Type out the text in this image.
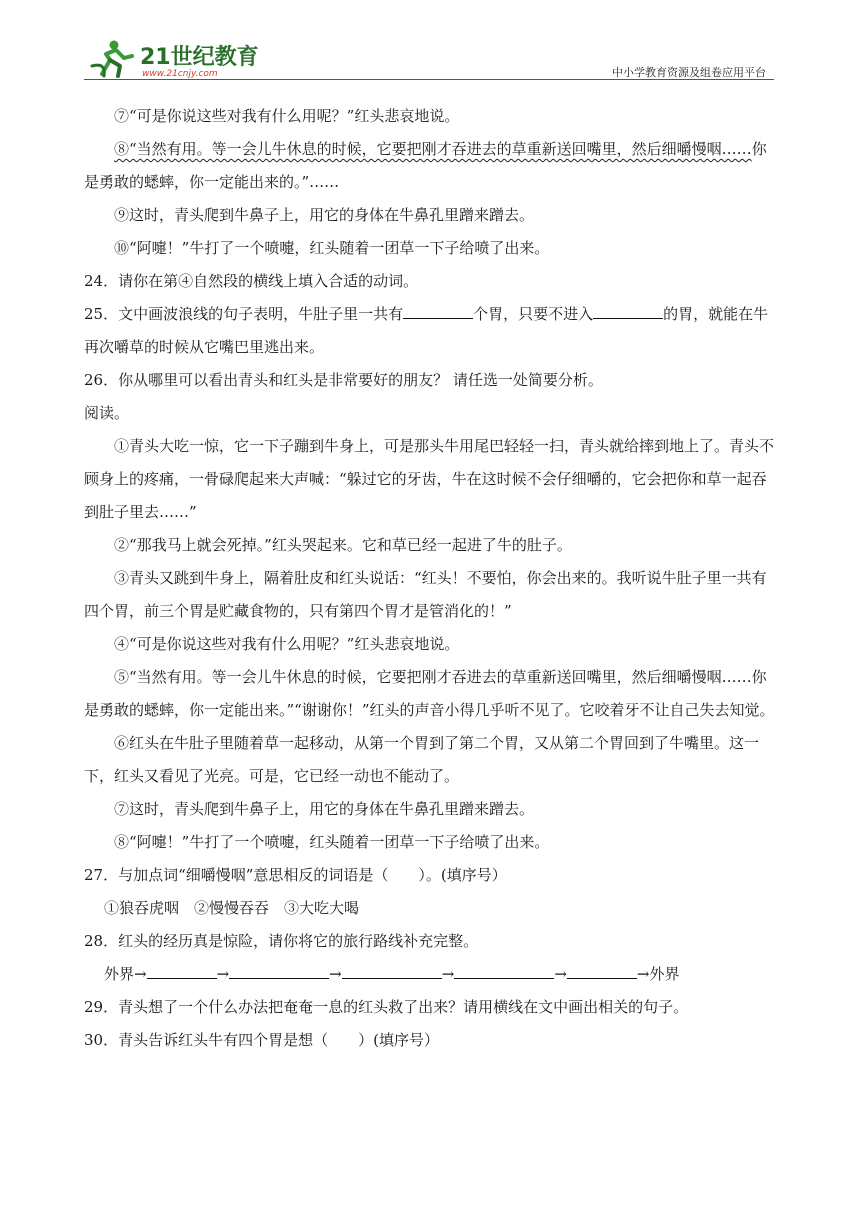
21世纪教育
www.21cnjy.com	中小学教育资源及组卷应用平台

⑦“可是你说这些对我有什么用呢？”红头悲哀地说。

⑧“当然有用。等一会儿牛休息的时候，它要把刚才吞进去的草重新送回嘴里，然后细嚼慢咽……你是勇敢的蟋蟀，你一定能出来的。”……

⑨这时，青头爬到牛鼻子上，用它的身体在牛鼻孔里蹭来蹭去。

⑩“阿嚏！”牛打了一个喷嚏，红头随着一团草一下子给喷了出来。

24．请你在第④自然段的横线上填入合适的动词。

25．文中画波浪线的句子表明，牛肚子里一共有	个胃，只要不进入	的胃，就能在牛再次嚼草的时候从它嘴巴里逃出来。

26．你从哪里可以看出青头和红头是非常要好的朋友？ 请任选一处简要分析。

阅读。

①青头大吃一惊，它一下子蹦到牛身上，可是那头牛用尾巴轻轻一扫，青头就给摔到地上了。青头不顾身上的疼痛，一骨碌爬起来大声喊：“躲过它的牙齿，牛在这时候不会仔细嚼的，它会把你和草一起吞到肚子里去……”

②“那我马上就会死掉。”红头哭起来。它和草已经一起进了牛的肚子。

③青头又跳到牛身上，隔着肚皮和红头说话：“红头！不要怕，你会出来的。我听说牛肚子里一共有四个胃，前三个胃是贮藏食物的，只有第四个胃才是管消化的！”

④“可是你说这些对我有什么用呢？”红头悲哀地说。

⑤“当然有用。等一会儿牛休息的时候，它要把刚才吞进去的草重新送回嘴里，然后细嚼慢咽……你是勇敢的蟋蟀，你一定能出来。”“谢谢你！”红头的声音小得几乎听不见了。它咬着牙不让自己失去知觉。

⑥红头在牛肚子里随着草一起移动，从第一个胃到了第二个胃，又从第二个胃回到了牛嘴里。这一下，红头又看见了光亮。可是，它已经一动也不能动了。

⑦这时，青头爬到牛鼻子上，用它的身体在牛鼻孔里蹭来蹭去。

⑧“阿嚏！”牛打了一个喷嚏，红头随着一团草一下子给喷了出来。

27．与加点词“细嚼慢咽”意思相反的词语是（　　）。(填序号）

①狼吞虎咽　②慢慢吞吞　③大吃大喝

28．红头的经历真是惊险，请你将它的旅行路线补充完整。

外界→	→	→	→	→	→外界

29．青头想了一个什么办法把奄奄一息的红头救了出来？请用横线在文中画出相关的句子。

30．青头告诉红头牛有四个胃是想（　　）(填序号）
